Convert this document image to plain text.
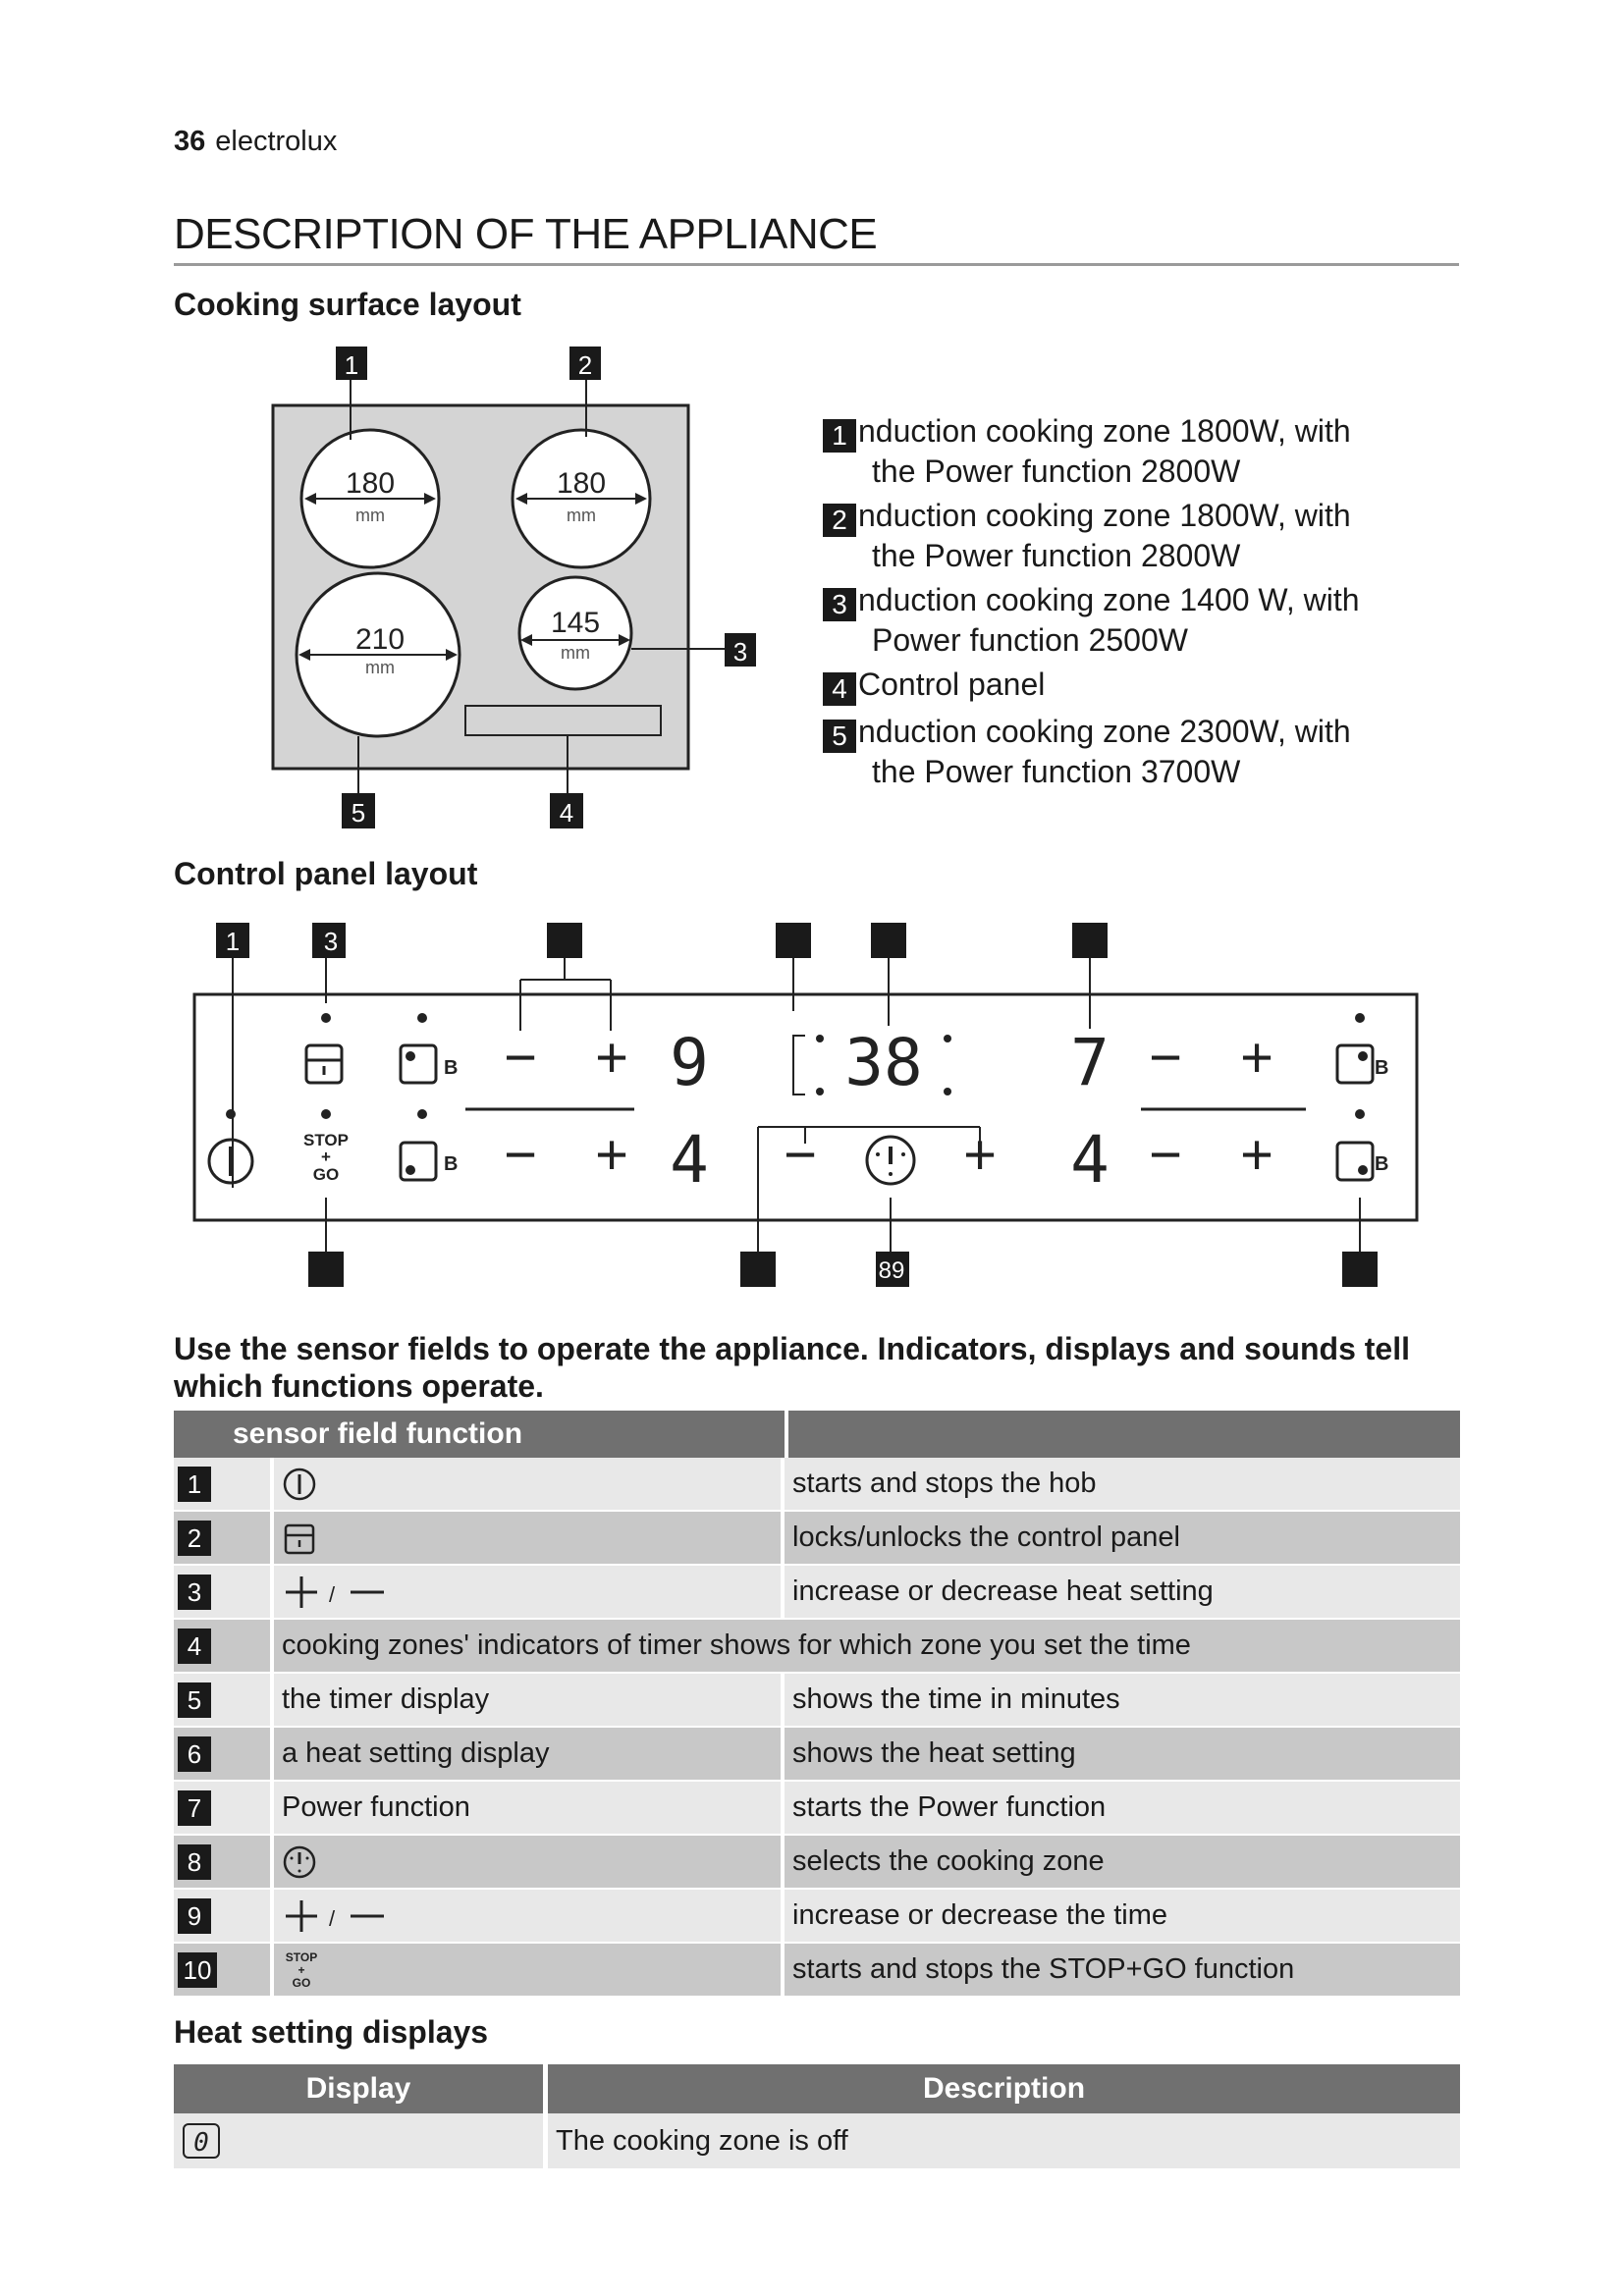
36 electrolux
DESCRIPTION OF THE APPLIANCE
Cooking surface layout
180
mm
180
mm
210
mm
145
mm
1	2
3
4
5
1 nduction cooking zone 1800W, with
the Power function 2800W
2 nduction cooking zone 1800W, with
the Power function 2800W
3 nduction cooking zone 1400 W, with
Power function 2500W
4 Control panel
5 nduction cooking zone 2300W, with
the Power function 3700W
Control panel layout
1	3
89
B − + 9 38 7 − +	B
STOP
+
GO	B − + 4 −	+ 4 − +	B
Use the sensor fields to operate the appliance. Indicators, displays and sounds tell which functions operate.
sensor field function		
1		starts and stops the hob
2		locks/unlocks the control panel
3	/	increase or decrease heat setting
4	cooking zones' indicators of timer shows for which zone you set the time	
5	the timer display	shows the time in minutes
6	a heat setting display	shows the heat setting
7	Power function	starts the Power function
8		selects the cooking zone
9	/	increase or decrease the time
10	STOP
+
GO	starts and stops the STOP+GO function
Heat setting displays
Display	Description

0	The cooking zone is off
